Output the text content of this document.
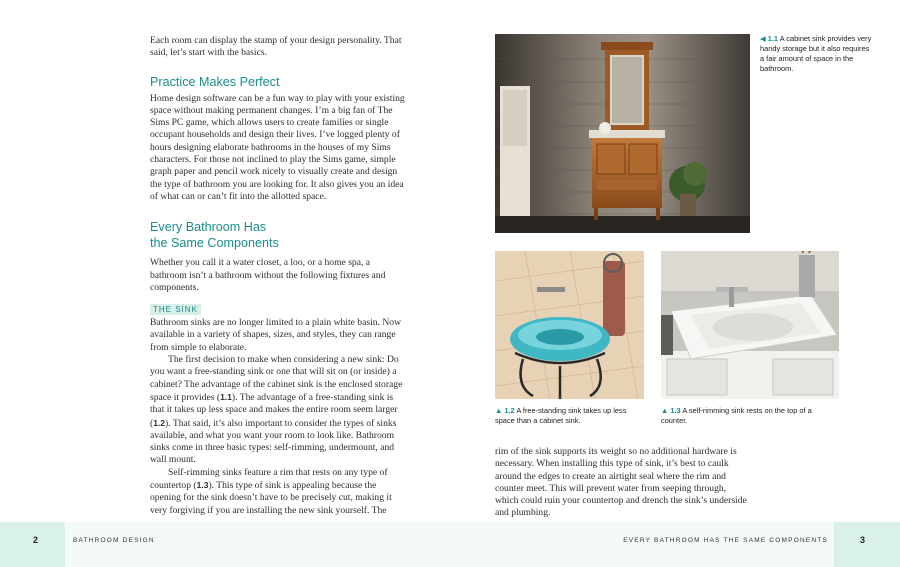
Each room can display the stamp of your design personality. That said, let’s start with the basics.

Practice Makes Perfect

Home design software can be a fun way to play with your existing space without making permanent changes. I’m a big fan of The Sims PC game, which allows users to create families or single occupant households and design their lives. I’ve logged plenty of hours designing elaborate bathrooms in the houses of my Sims characters. For those not inclined to play the Sims game, simple graph paper and pencil work nicely to visually create and design the type of bathroom you are looking for. It also gives you an idea of what can or can’t fit into the allotted space.

Every Bathroom Has
the Same Components

Whether you call it a water closet, a loo, or a home spa, a bathroom isn’t a bathroom without the following fixtures and components.

THE SINK

Bathroom sinks are no longer limited to a plain white basin. Now available in a variety of shapes, sizes, and styles, they can range from simple to elaborate.

The first decision to make when considering a new sink: Do you want a free-standing sink or one that will sit on (or inside) a cabinet? The advantage of the cabinet sink is the enclosed storage space it provides (1.1). The advantage of a free-standing sink is that it takes up less space and makes the entire room seem larger (1.2). That said, it’s also important to consider the types of sinks available, and what you want your room to look like. Bathroom sinks come in three basic types: self-rimming, undermount, and wall mount.

Self-rimming sinks feature a rim that rests on any type of countertop (1.3). This type of sink is appealing because the opening for the sink doesn’t have to be precisely cut, making it very forgiving if you are installing the new sink yourself. The

◀ 1.1 A cabinet sink provides very handy storage but it also requires a fair amount of space in the bathroom.
▲ 1.2 A free-standing sink takes up less space than a cabinet sink.
▲ 1.3 A self-rimming sink rests on the top of a counter.
rim of the sink supports its weight so no additional hardware is necessary. When installing this type of sink, it’s best to caulk around the edges to create an airtight seal where the rim and counter meet. This will prevent water from seeping through, which could ruin your countertop and drench the sink’s underside and plumbing.
2	BATHROOM DESIGN	EVERY BATHROOM HAS THE SAME COMPONENTS	3
